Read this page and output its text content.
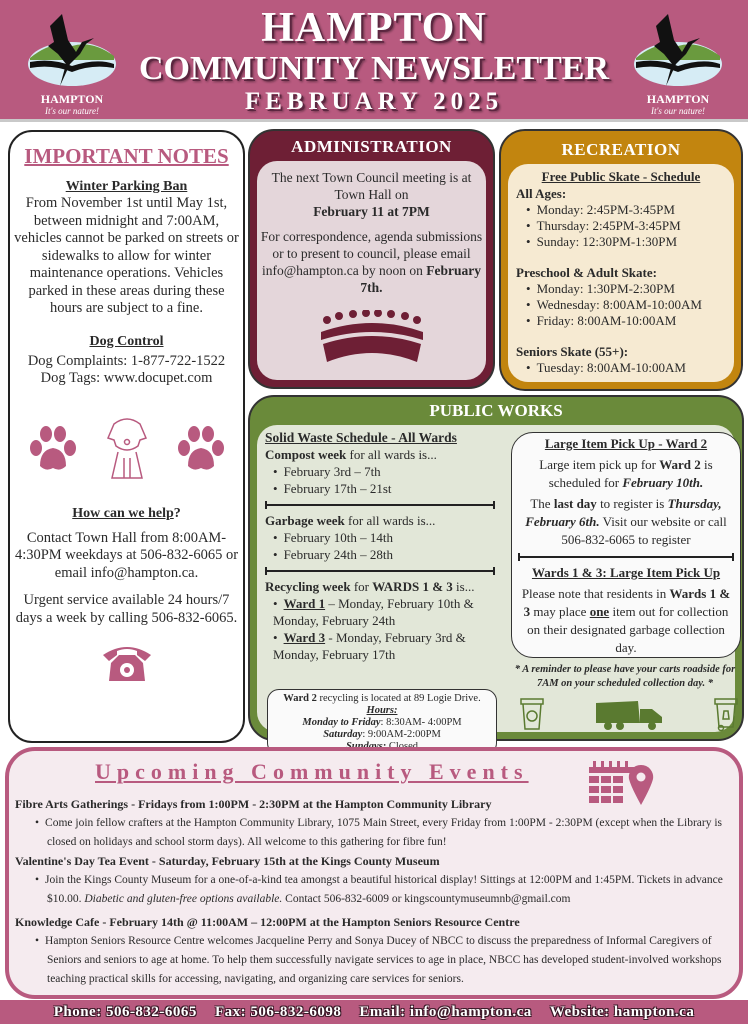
HAMPTON
It's our nature!
HAMPTON
COMMUNITY NEWSLETTER
FEBRUARY 2025	HAMPTON
It's our nature!
IMPORTANT NOTES
Winter Parking Ban

From November 1st until May 1st, between midnight and 7:00AM, vehicles cannot be parked on streets or sidewalks to allow for winter maintenance operations. Vehicles parked in these areas during these hours are subject to a fine.

Dog Control

Dog Complaints: 1-877-722-1522

Dog Tags: www.docupet.com

How can we help?

Contact Town Hall from 8:00AM-4:30PM weekdays at 506-832-6065 or email info@hampton.ca.

Urgent service available 24 hours/7 days a week by calling 506-832-6065.

ADMINISTRATION

The next Town Council meeting is at Town Hall on
February 11 at 7PM

For correspondence, agenda submissions or to present to council, please email info@hampton.ca by noon on February 7th.

RECREATION
Free Public Skate - Schedule
All Ages:
• Monday: 2:45PM-3:45PM
• Thursday: 2:45PM-3:45PM
• Sunday: 12:30PM-1:30PM
Preschool & Adult Skate:
• Monday: 1:30PM-2:30PM
• Wednesday: 8:00AM-10:00AM
• Friday: 8:00AM-10:00AM
Seniors Skate (55+):
• Tuesday: 8:00AM-10:00AM
PUBLIC WORKS
Solid Waste Schedule - All Wards
Compost week for all wards is...
• February 3rd – 7th
• February 17th – 21st
Garbage week for all wards is...
• February 10th – 14th
• February 24th – 28th
Recycling week for WARDS 1 & 3 is...
• Ward 1 – Monday, February 10th & Monday, February 24th
• Ward 3 - Monday, February 3rd & Monday, February 17th
Ward 2 recycling is located at 89 Logie Drive.
Hours:
Monday to Friday: 8:30AM- 4:00PM
Saturday: 9:00AM-2:00PM
Large Item Pick Up - Ward 2

Large item pick up for Ward 2 is scheduled for February 10th.

The last day to register is Thursday, February 6th. Visit our website or call 506-832-6065 to register

Wards 1 & 3: Large Item Pick Up

Please note that residents in Wards 1 & 3 may place one item out for collection on their designated garbage collection day.

* A reminder to please have your carts roadside for 7AM on your scheduled collection day. *
Upcoming Community Events
Fibre Arts Gatherings - Fridays from 1:00PM - 2:30PM at the Hampton Community Library
• Come join fellow crafters at the Hampton Community Library, 1075 Main Street, every Friday from 1:00PM - 2:30PM (except when the Library is closed on holidays and school storm days). All welcome to this gathering for fibre fun!
Valentine's Day Tea Event - Saturday, February 15th at the Kings County Museum
• Join the Kings County Museum for a one-of-a-kind tea amongst a beautiful historical display! Sittings at 12:00PM and 1:45PM. Tickets in advance $10.00. Diabetic and gluten-free options available. Contact 506-832-6009 or kingscountymuseumnb@gmail.com
Knowledge Cafe - February 14th @ 11:00AM – 12:00PM at the Hampton Seniors Resource Centre
• Hampton Seniors Resource Centre welcomes Jacqueline Perry and Sonya Ducey of NBCC to discuss the preparedness of Informal Caregivers of Seniors and seniors to age at home. To help them successfully navigate services to age in place, NBCC has developed student-involved workshops teaching practical skills for accessing, navigating, and organizing care services for seniors.
Phone: 506-832-6065 Fax: 506-832-6098 Email: info@hampton.ca Website: hampton.ca
